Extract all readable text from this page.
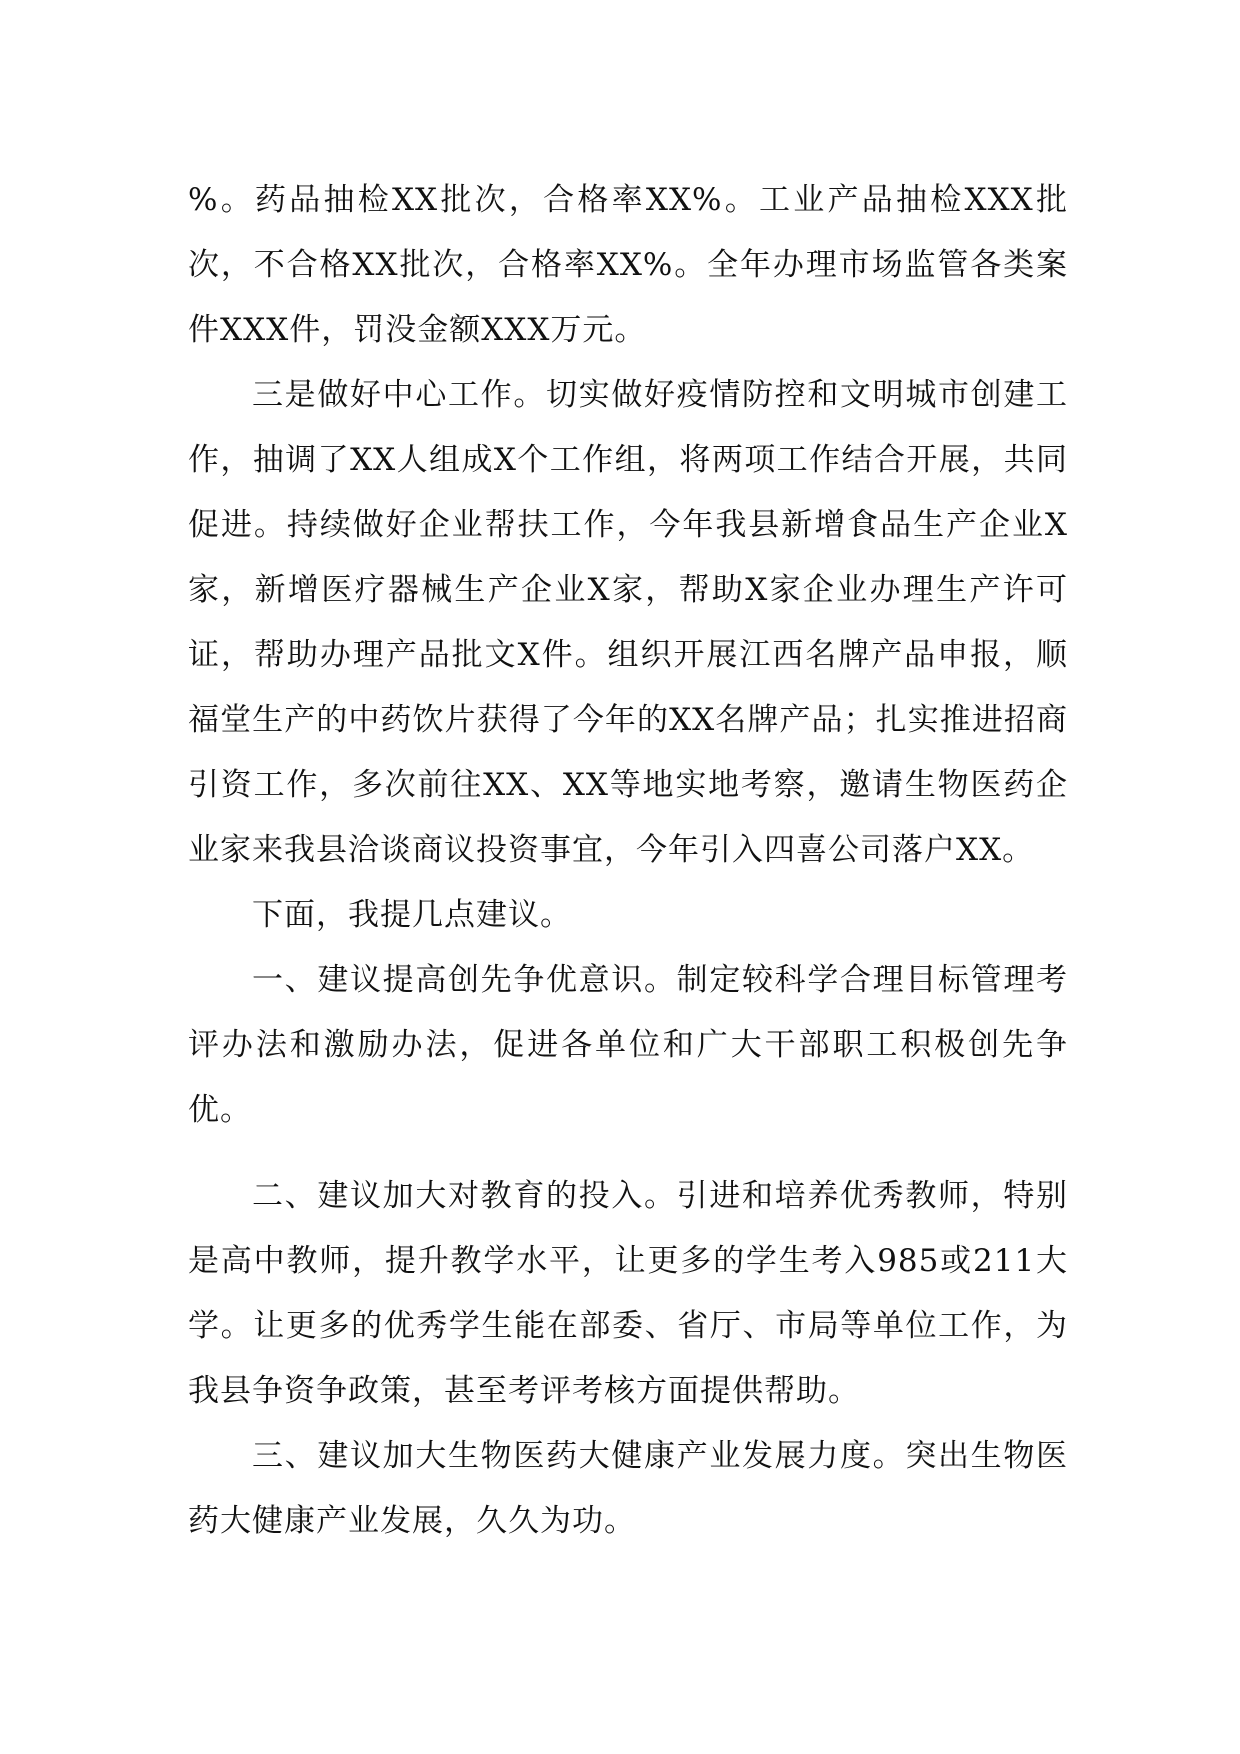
%。药品抽检XX批次，合格率XX%。工业产品抽检XXX批次，不合格XX批次，合格率XX%。全年办理市场监管各类案件XXX件，罚没金额XXX万元。

三是做好中心工作。切实做好疫情防控和文明城市创建工作，抽调了XX人组成X个工作组，将两项工作结合开展，共同促进。持续做好企业帮扶工作，今年我县新增食品生产企业X家，新增医疗器械生产企业X家，帮助X家企业办理生产许可证，帮助办理产品批文X件。组织开展江西名牌产品申报，顺福堂生产的中药饮片获得了今年的XX名牌产品；扎实推进招商引资工作，多次前往XX、XX等地实地考察，邀请生物医药企业家来我县洽谈商议投资事宜，今年引入四喜公司落户XX。

下面，我提几点建议。

一、建议提高创先争优意识。制定较科学合理目标管理考评办法和激励办法，促进各单位和广大干部职工积极创先争优。

二、建议加大对教育的投入。引进和培养优秀教师，特别是高中教师，提升教学水平，让更多的学生考入985或211大学。让更多的优秀学生能在部委、省厅、市局等单位工作，为我县争资争政策，甚至考评考核方面提供帮助。

三、建议加大生物医药大健康产业发展力度。突出生物医药大健康产业发展，久久为功。
